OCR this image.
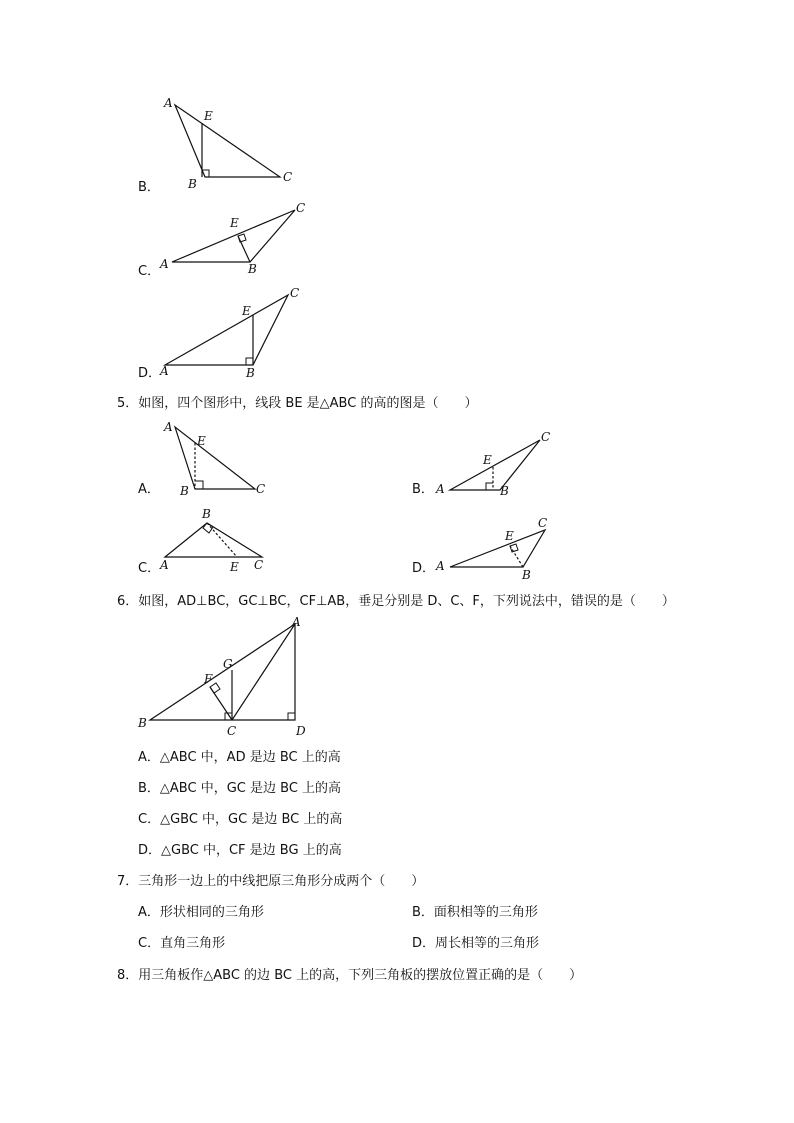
B．
A
E
B	C
C． A	B
C
E
D．
A	B
C
E
5．如图，四个图形中，线段 BE 是△ABC 的高的图是（　　）
A．
A
E
B	C	B． A
E
B
C
C．
B
A	E C	D． A
B
C
E
6．如图，AD⊥BC，GC⊥BC，CF⊥AB，垂足分别是 D、C、F，下列说法中，错误的是（　　）
A
G
F
B
C	D
A．△ABC 中，AD 是边 BC 上的高
B．△ABC 中，GC 是边 BC 上的高
C．△GBC 中，GC 是边 BC 上的高
D．△GBC 中，CF 是边 BG 上的高
7．三角形一边上的中线把原三角形分成两个（　　）
A．形状相同的三角形	B．面积相等的三角形
C．直角三角形	D．周长相等的三角形
8．用三角板作△ABC 的边 BC 上的高，下列三角板的摆放位置正确的是（　　）
